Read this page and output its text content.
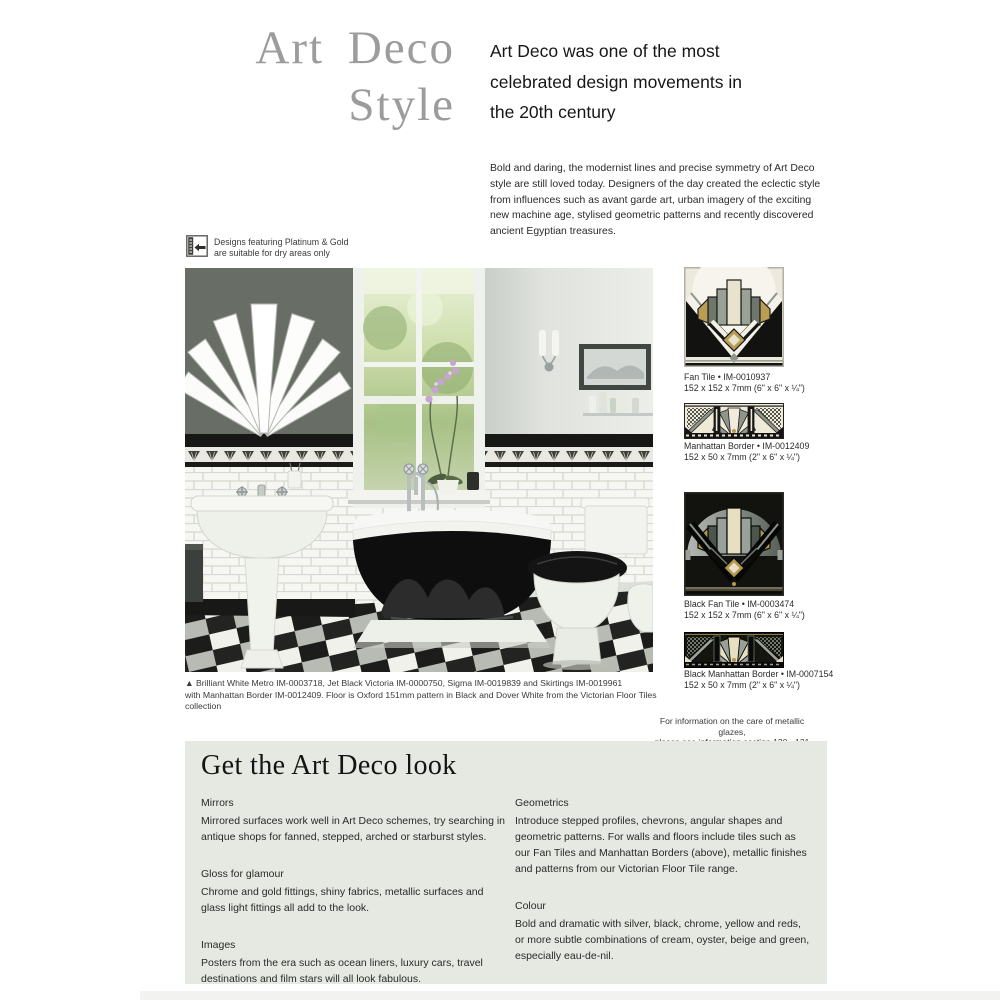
Art Deco
Style
Art Deco was one of the most celebrated design movements in the 20th century
Bold and daring, the modernist lines and precise symmetry of Art Deco style are still loved today. Designers of the day created the eclectic style from influences such as avant garde art, urban imagery of the exciting new machine age, stylised geometric patterns and recently discovered ancient Egyptian treasures.
Designs featuring Platinum & Gold
are suitable for dry areas only
▲ Brilliant White Metro IM-0003718, Jet Black Victoria IM-0000750, Sigma IM-0019839 and Skirtings IM-0019961
with Manhattan Border IM-0012409. Floor is Oxford 151mm pattern in Black and Dover White from the Victorian Floor Tiles collection
Fan Tile • IM-0010937
152 x 152 x 7mm (6" x 6" x ¼")
Manhattan Border • IM-0012409
152 x 50 x 7mm (2" x 6" x ¼")
Black Fan Tile • IM-0003474
152 x 152 x 7mm (6" x 6" x ¼")
Black Manhattan Border • IM-0007154
152 x 50 x 7mm (2" x 6" x ¼")
For information on the care of metallic glazes,
Get the Art Deco look
Mirrors
Mirrored surfaces work well in Art Deco schemes, try searching in antique shops for fanned, stepped, arched or starburst styles.
Gloss for glamour
Chrome and gold fittings, shiny fabrics, metallic surfaces and glass light fittings all add to the look.
Images
Posters from the era such as ocean liners, luxury cars, travel destinations and film stars will all look fabulous.
Geometrics
Introduce stepped profiles, chevrons, angular shapes and geometric patterns. For walls and floors include tiles such as our Fan Tiles and Manhattan Borders (above), metallic finishes and patterns from our Victorian Floor Tile range.
Colour
Bold and dramatic with silver, black, chrome, yellow and reds, or more subtle combinations of cream, oyster, beige and green, especially eau-de-nil.
